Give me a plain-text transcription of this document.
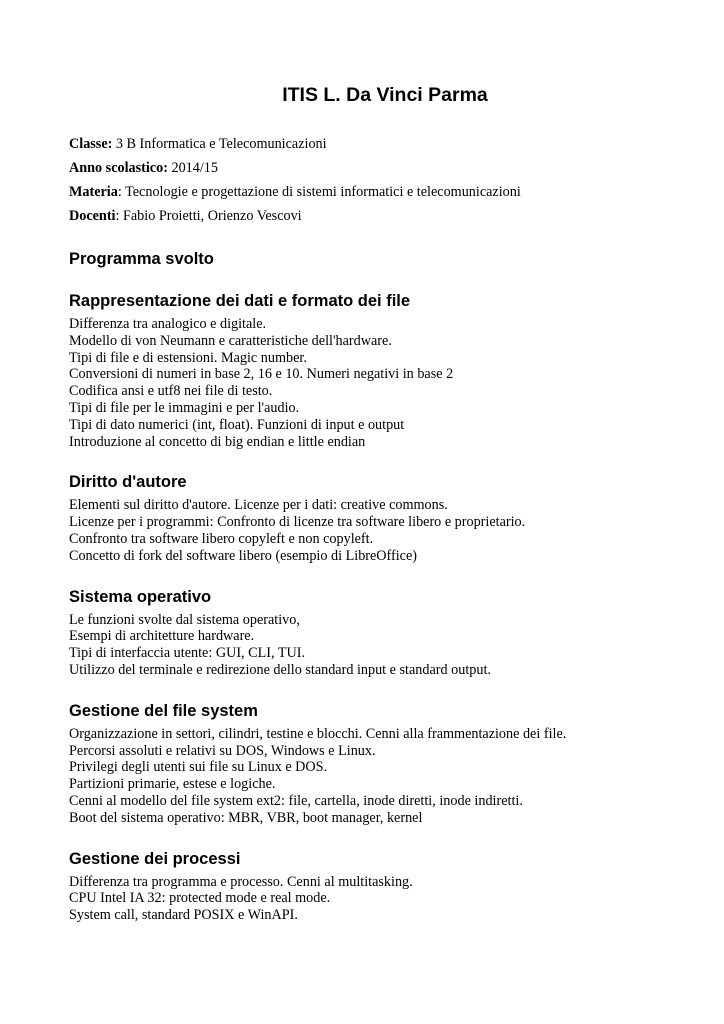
ITIS L. Da Vinci Parma
Classe: 3 B Informatica e Telecomunicazioni
Anno scolastico: 2014/15
Materia: Tecnologie e progettazione di sistemi informatici e telecomunicazioni
Docenti: Fabio Proietti, Orienzo Vescovi
Programma svolto
Rappresentazione dei dati e formato dei file
Differenza tra analogico e digitale.
Modello di von Neumann e caratteristiche dell'hardware.
Tipi di file e di estensioni. Magic number.
Conversioni di numeri in base 2, 16 e 10. Numeri negativi in base 2
Codifica ansi e utf8 nei file di testo.
Tipi di file per le immagini e per l'audio.
Tipi di dato numerici (int, float). Funzioni di input e output
Introduzione al concetto di big endian e little endian
Diritto d'autore
Elementi sul diritto d'autore. Licenze per i dati: creative commons.
Licenze per i programmi: Confronto di licenze tra software libero e proprietario.
Confronto tra software libero copyleft e non copyleft.
Concetto di fork del software libero (esempio di LibreOffice)
Sistema operativo
Le funzioni svolte dal sistema operativo,
Esempi di architetture hardware.
Tipi di interfaccia utente: GUI, CLI, TUI.
Utilizzo del terminale e redirezione dello standard input e standard output.
Gestione del file system
Organizzazione in settori, cilindri, testine e blocchi. Cenni alla frammentazione dei file.
Percorsi assoluti e relativi su DOS, Windows e Linux.
Privilegi degli utenti sui file su Linux e DOS.
Partizioni primarie, estese e logiche.
Cenni al modello del file system ext2: file, cartella, inode diretti, inode indiretti.
Boot del sistema operativo: MBR, VBR, boot manager, kernel
Gestione dei processi
Differenza tra programma e processo. Cenni al multitasking.
CPU Intel IA 32: protected mode e real mode.
System call, standard POSIX e WinAPI.
